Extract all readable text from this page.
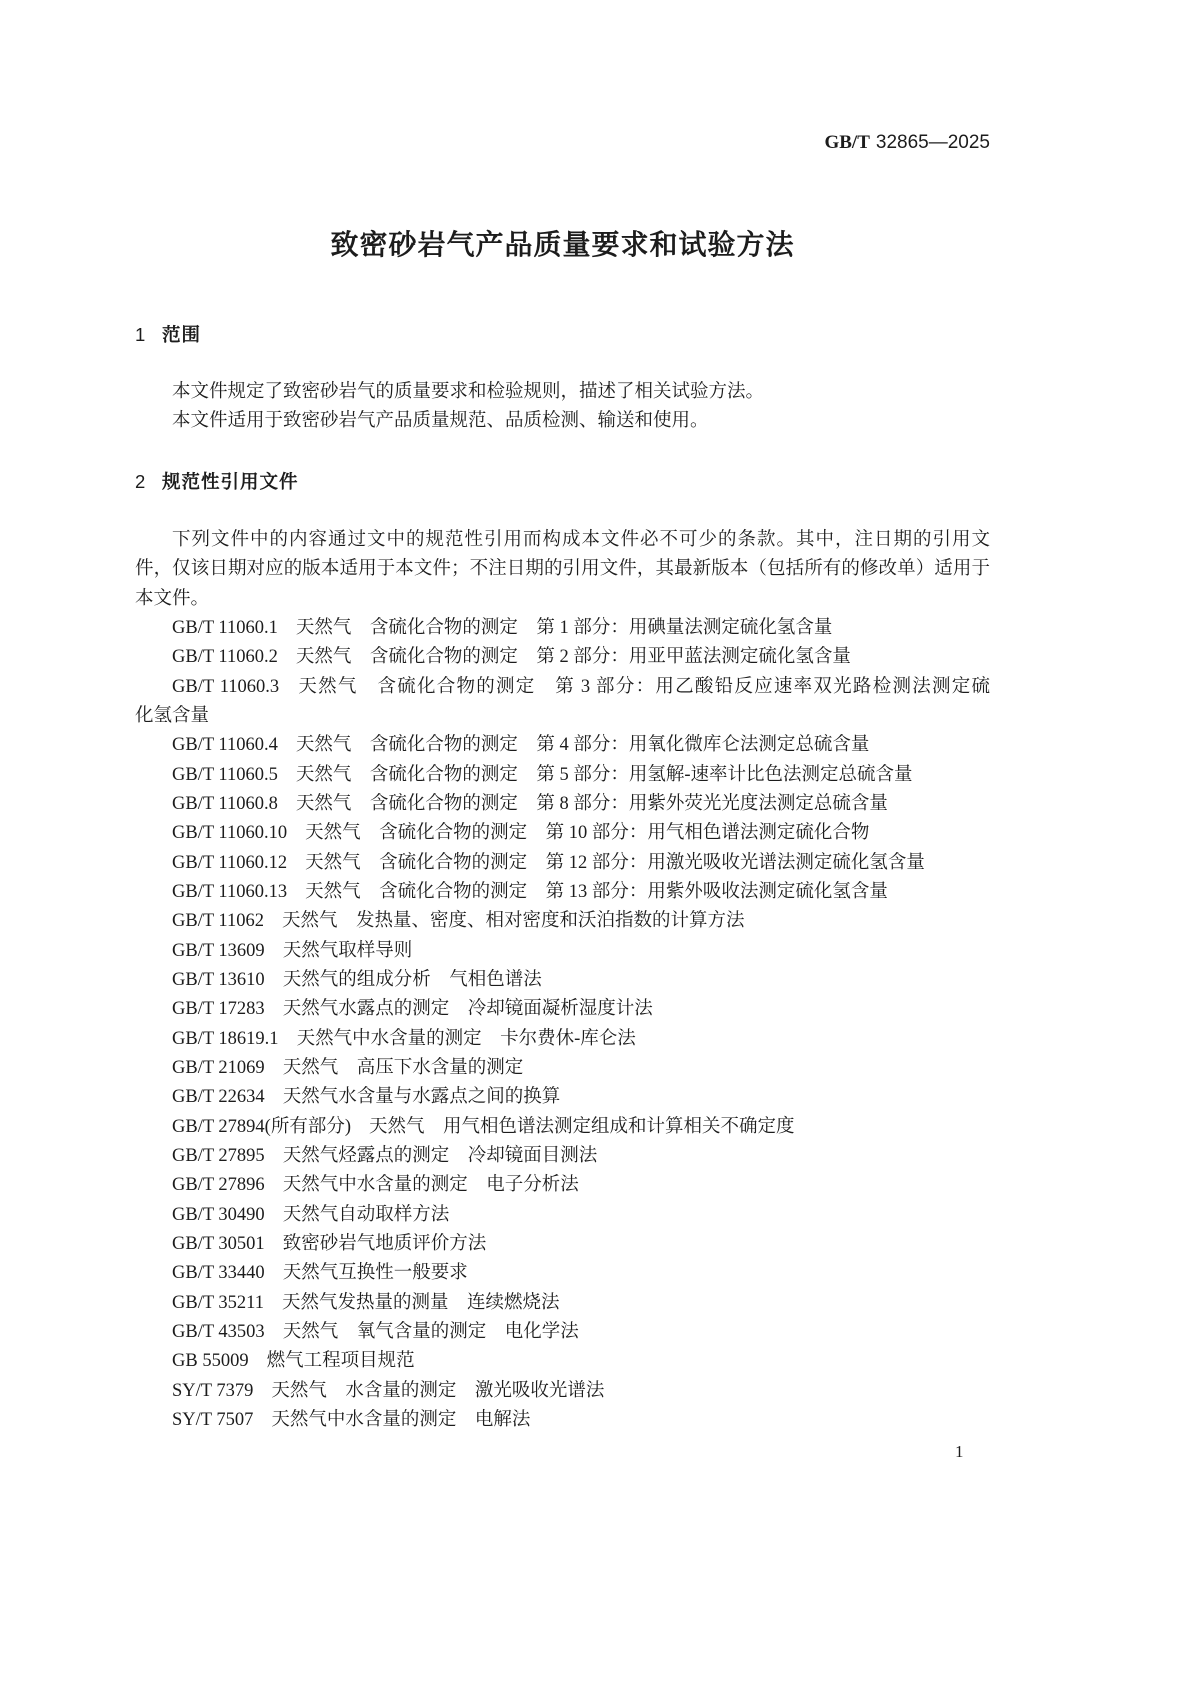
GB/T 32865—2025
致密砂岩气产品质量要求和试验方法
1 范围
本文件规定了致密砂岩气的质量要求和检验规则，描述了相关试验方法。
本文件适用于致密砂岩气产品质量规范、品质检测、输送和使用。
2 规范性引用文件
下列文件中的内容通过文中的规范性引用而构成本文件必不可少的条款。其中，注日期的引用文
件，仅该日期对应的版本适用于本文件；不注日期的引用文件，其最新版本（包括所有的修改单）适用于
本文件。
GB/T 11060.1 天然气　含硫化合物的测定　第 1 部分：用碘量法测定硫化氢含量
GB/T 11060.2 天然气　含硫化合物的测定　第 2 部分：用亚甲蓝法测定硫化氢含量
GB/T 11060.3 天然气　含硫化合物的测定　第 3 部分：用乙酸铅反应速率双光路检测法测定硫
化氢含量
GB/T 11060.4 天然气　含硫化合物的测定　第 4 部分：用氧化微库仑法测定总硫含量
GB/T 11060.5 天然气　含硫化合物的测定　第 5 部分：用氢解-速率计比色法测定总硫含量
GB/T 11060.8 天然气　含硫化合物的测定　第 8 部分：用紫外荧光光度法测定总硫含量
GB/T 11060.10 天然气　含硫化合物的测定　第 10 部分：用气相色谱法测定硫化合物
GB/T 11060.12 天然气　含硫化合物的测定　第 12 部分：用激光吸收光谱法测定硫化氢含量
GB/T 11060.13 天然气　含硫化合物的测定　第 13 部分：用紫外吸收法测定硫化氢含量
GB/T 11062 天然气　发热量、密度、相对密度和沃泊指数的计算方法
GB/T 13609 天然气取样导则
GB/T 13610 天然气的组成分析　气相色谱法
GB/T 17283 天然气水露点的测定　冷却镜面凝析湿度计法
GB/T 18619.1 天然气中水含量的测定　卡尔费休-库仑法
GB/T 21069 天然气　高压下水含量的测定
GB/T 22634 天然气水含量与水露点之间的换算
GB/T 27894(所有部分) 天然气　用气相色谱法测定组成和计算相关不确定度
GB/T 27895 天然气烃露点的测定　冷却镜面目测法
GB/T 27896 天然气中水含量的测定　电子分析法
GB/T 30490 天然气自动取样方法
GB/T 30501 致密砂岩气地质评价方法
GB/T 33440 天然气互换性一般要求
GB/T 35211 天然气发热量的测量　连续燃烧法
GB/T 43503 天然气　氧气含量的测定　电化学法
GB 55009 燃气工程项目规范
SY/T 7379 天然气　水含量的测定　激光吸收光谱法
SY/T 7507 天然气中水含量的测定　电解法
1
